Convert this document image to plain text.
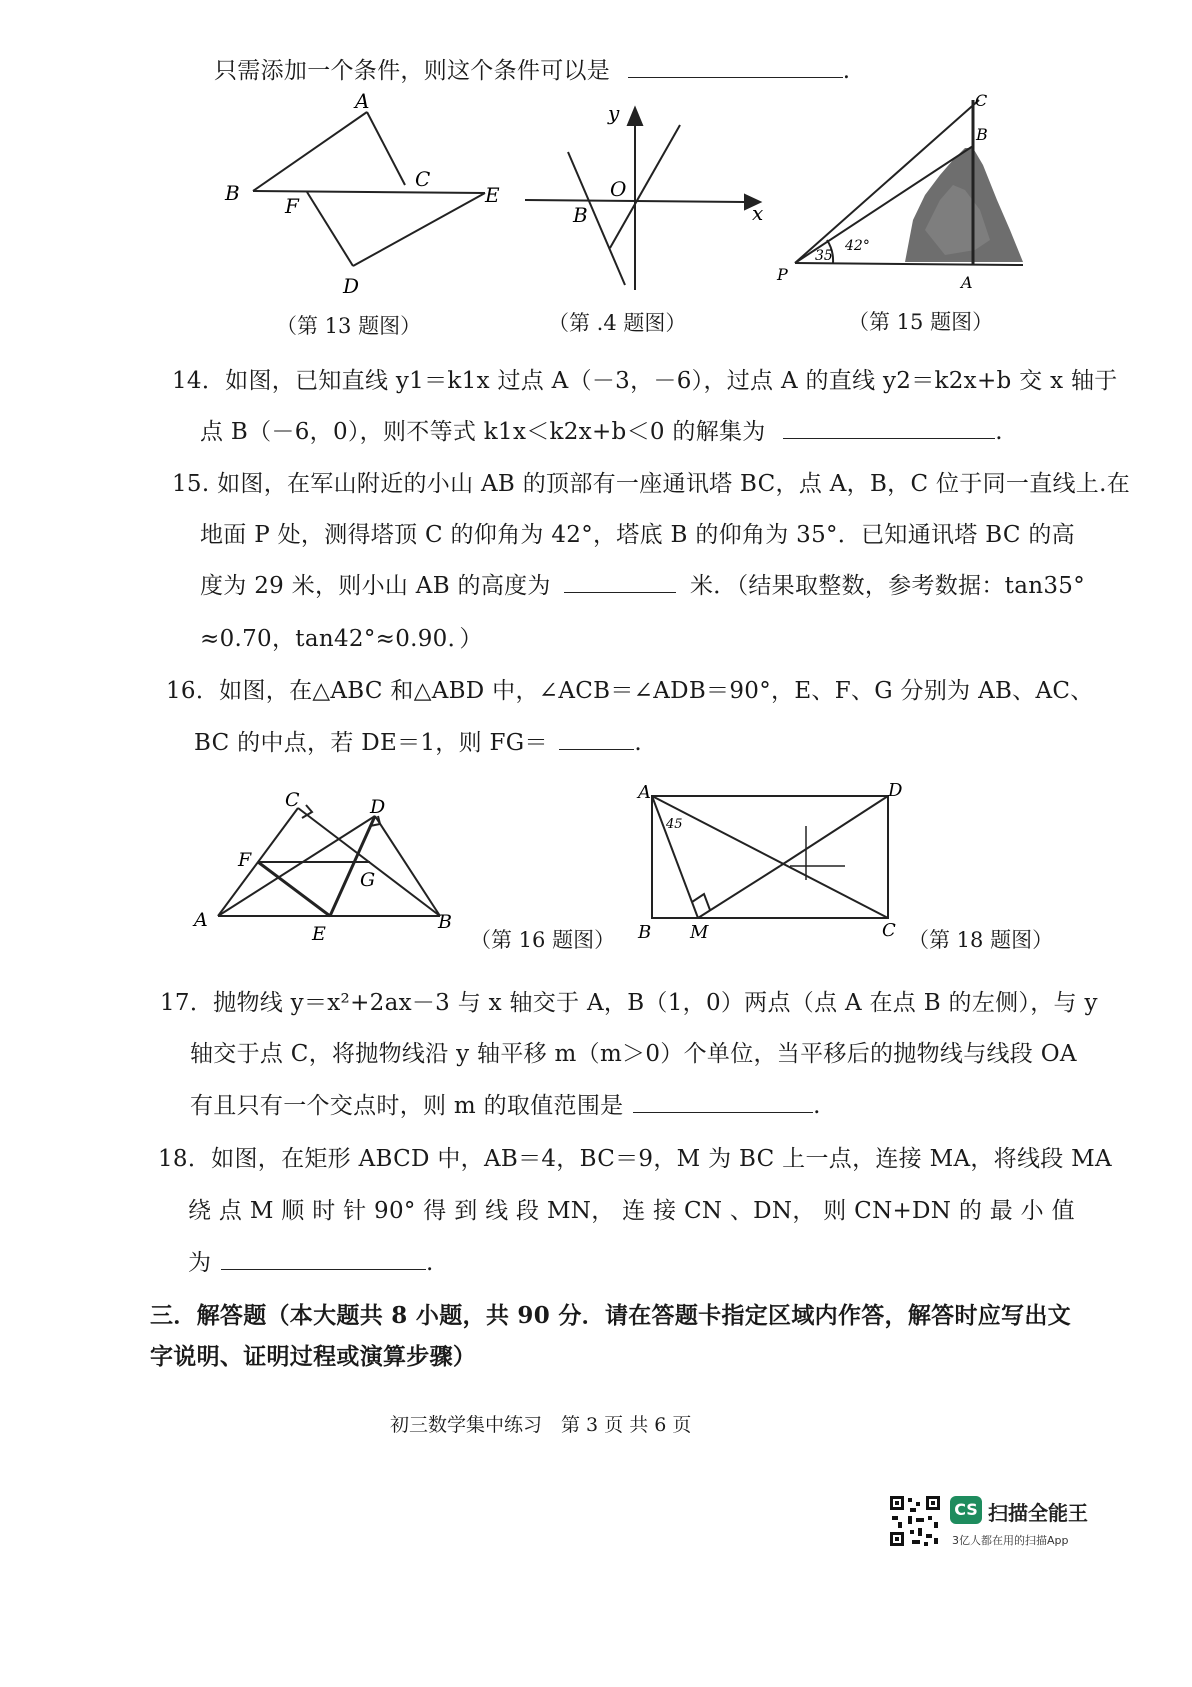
只需添加一个条件，则这个条件可以是	.
A
B
C
D
E
F
（第 13 题图）
y
x
O
B
（第 .4 题图）
C
B
P	A
35
42°
（第 15 题图）
14．如图，已知直线 y1＝k1x 过点 A（－3，－6），过点 A 的直线 y2＝k2x+b 交 x 轴于
点 B（－6，0），则不等式 k1x＜k2x+b＜0 的解集为	.
15. 如图，在军山附近的小山 AB 的顶部有一座通讯塔 BC，点 A，B，C 位于同一直线上.在
地面 P 处，测得塔顶 C 的仰角为 42°，塔底 B 的仰角为 35°．已知通讯塔 BC 的高
度为 29 米，则小山 AB 的高度为	米．（结果取整数，参考数据：tan35°
≈0.70，tan42°≈0.90．）
16．如图，在△ABC 和△ABD 中，∠ACB＝∠ADB＝90°，E、F、G 分别为 AB、AC、
BC 的中点，若 DE＝1，则 FG＝	.
C	D
F
G
A
E
B
（第 16 题图）
A	D
B M	C
45
（第 18 题图）
17．抛物线 y＝x²+2ax－3 与 x 轴交于 A，B（1，0）两点（点 A 在点 B 的左侧），与 y
轴交于点 C，将抛物线沿 y 轴平移 m（m＞0）个单位，当平移后的抛物线与线段 OA
有且只有一个交点时，则 m 的取值范围是	.
18．如图，在矩形 ABCD 中，AB＝4，BC＝9，M 为 BC 上一点，连接 MA，将线段 MA
绕 点 M 顺 时 针 90° 得 到 线 段 MN， 连 接 CN 、DN， 则 CN+DN 的 最 小 值
为	.
三．解答题（本大题共 8 小题，共 90 分．请在答题卡指定区域内作答，解答时应写出文
字说明、证明过程或演算步骤）
初三数学集中练习　第 3 页 共 6 页
CS 扫描全能王
3亿人都在用的扫描App
